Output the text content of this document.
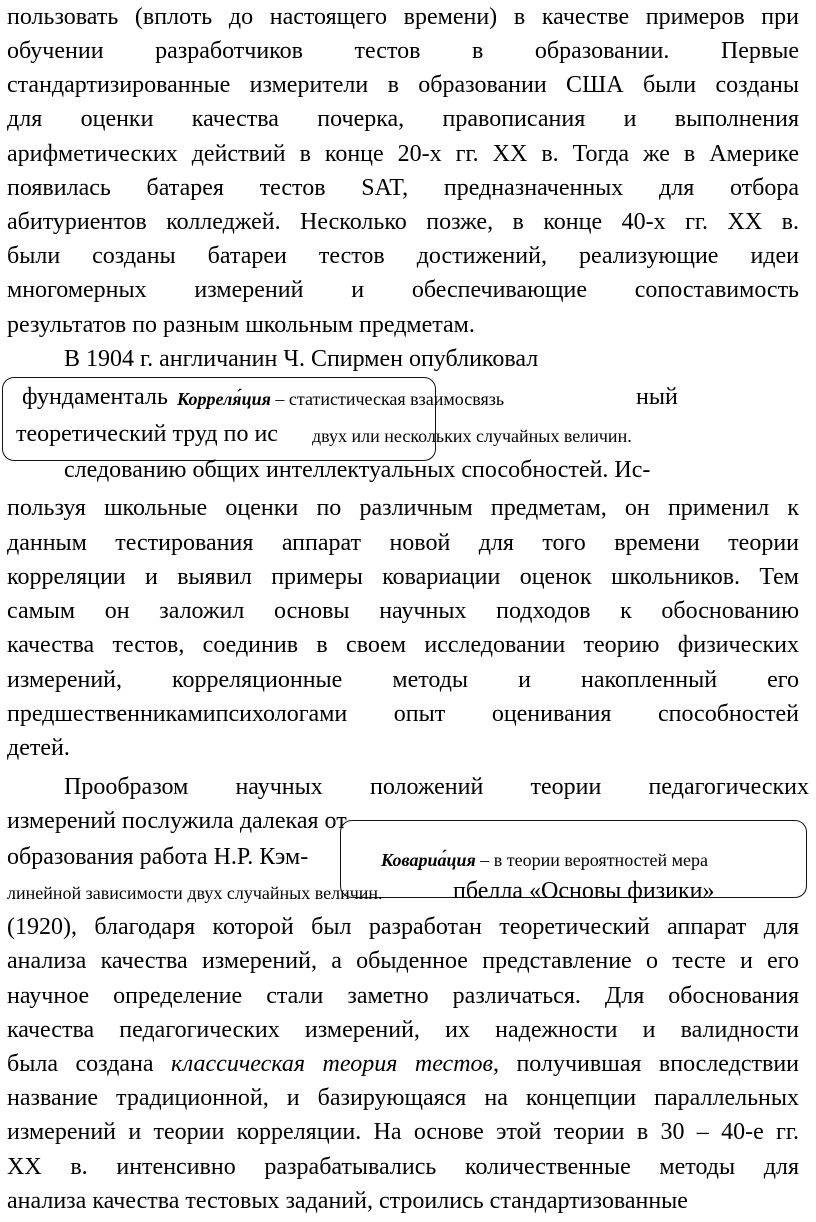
пользовать (вплоть до настоящего времени) в качестве примеров при
обучении разработчиков тестов в образовании. Первые
стандартизированные измерители в образовании США были созданы
для оценки качества почерка, правописания и выполнения
арифметических действий в конце 20-х гг. XX в. Тогда же в Америке
появилась батарея тестов SAT, предназначенных для отбора
абитуриентов колледжей. Несколько позже, в конце 40-х гг. XX в.
были созданы батареи тестов достижений, реализующие идеи
многомерных измерений и обеспечивающие сопоставимость
результатов по разным школьным предметам.
В 1904 г. англичанин Ч. Спирмен опубликовал
фундаменталь	ный
теоретический труд по ис
Корреля́ция – статистическая взаимосвязь
двух или нескольких случайных величин.
следованию общих интеллектуальных способностей. Ис-
пользуя школьные оценки по различным предметам, он применил к
данным тестирования аппарат новой для того времени теории
корреляции и выявил примеры ковариации оценок школьников. Тем
самым он заложил основы научных подходов к обоснованию
качества тестов, соединив в своем исследовании теорию физических
измерений, корреляционные методы и накопленный его
предшественникамипсихологами опыт оценивания способностей
детей.
Прообразом научных положений теории педагогических
измерений послужила далекая от
образования работа Н.Р. Кэм-	Ковариа́ция – в теории вероятностей мера
линейной зависимости двух случайных величин.	пбелла «Основы физики»
(1920), благодаря которой был разработан теоретический аппарат для
анализа качества измерений, а обыденное представление о тесте и его
научное определение стали заметно различаться. Для обоснования
качества педагогических измерений, их надежности и валидности
была создана классическая теория тестов, получившая впоследствии
название традиционной, и базирующаяся на концепции параллельных
измерений и теории корреляции. На основе этой теории в 30 – 40-е гг.
XX в. интенсивно разрабатывались количественные методы для
анализа качества тестовых заданий, строились стандартизованные
